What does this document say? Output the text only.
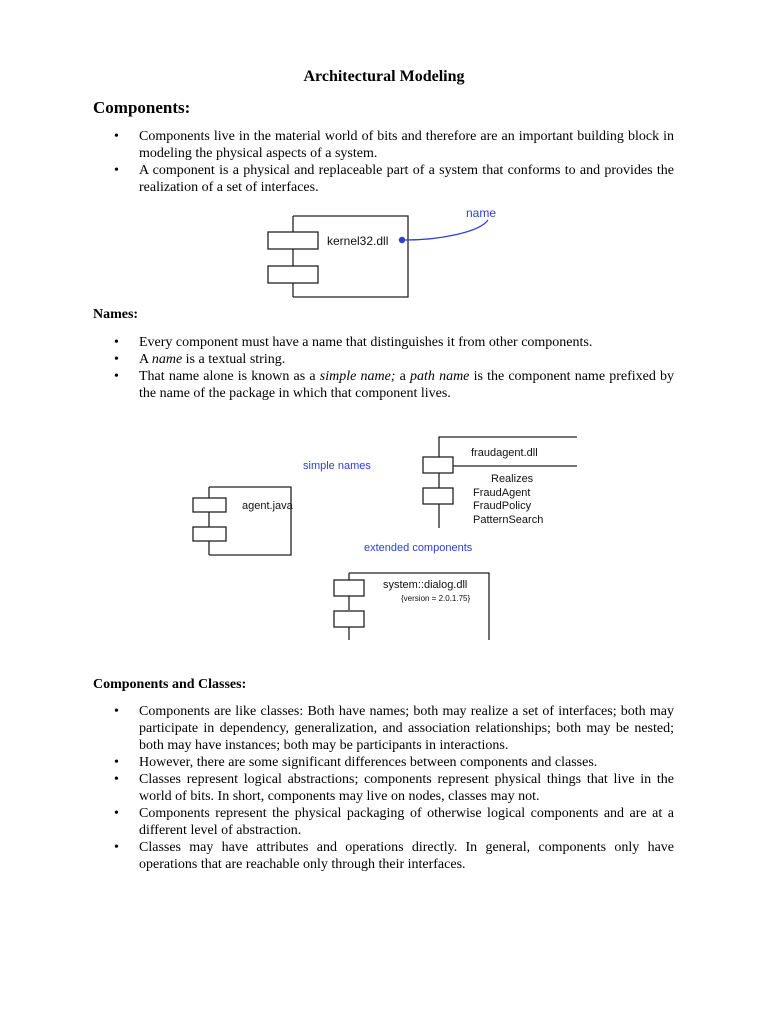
Architectural Modeling
Components:
• Components live in the material world of bits and therefore are an important building block in modeling the physical aspects of a system.
• A component is a physical and replaceable part of a system that conforms to and provides the realization of a set of interfaces.
kernel32.dll
name
Names:
• Every component must have a name that distinguishes it from other components.
• A name is a textual string.
• That name alone is known as a simple name; a path name is the component name prefixed by the name of the package in which that component lives.
agent.java
simple names
fraudagent.dll
Realizes
FraudAgent
FraudPolicy
PatternSearch
extended components
system::dialog.dll
{version = 2.0.1.75}
Components and Classes:
• Components are like classes: Both have names; both may realize a set of interfaces; both may participate in dependency, generalization, and association relationships; both may be nested; both may have instances; both may be participants in interactions.
• However, there are some significant differences between components and classes.
• Classes represent logical abstractions; components represent physical things that live in the world of bits. In short, components may live on nodes, classes may not.
• Components represent the physical packaging of otherwise logical components and are at a different level of abstraction.
• Classes may have attributes and operations directly. In general, components only have operations that are reachable only through their interfaces.
